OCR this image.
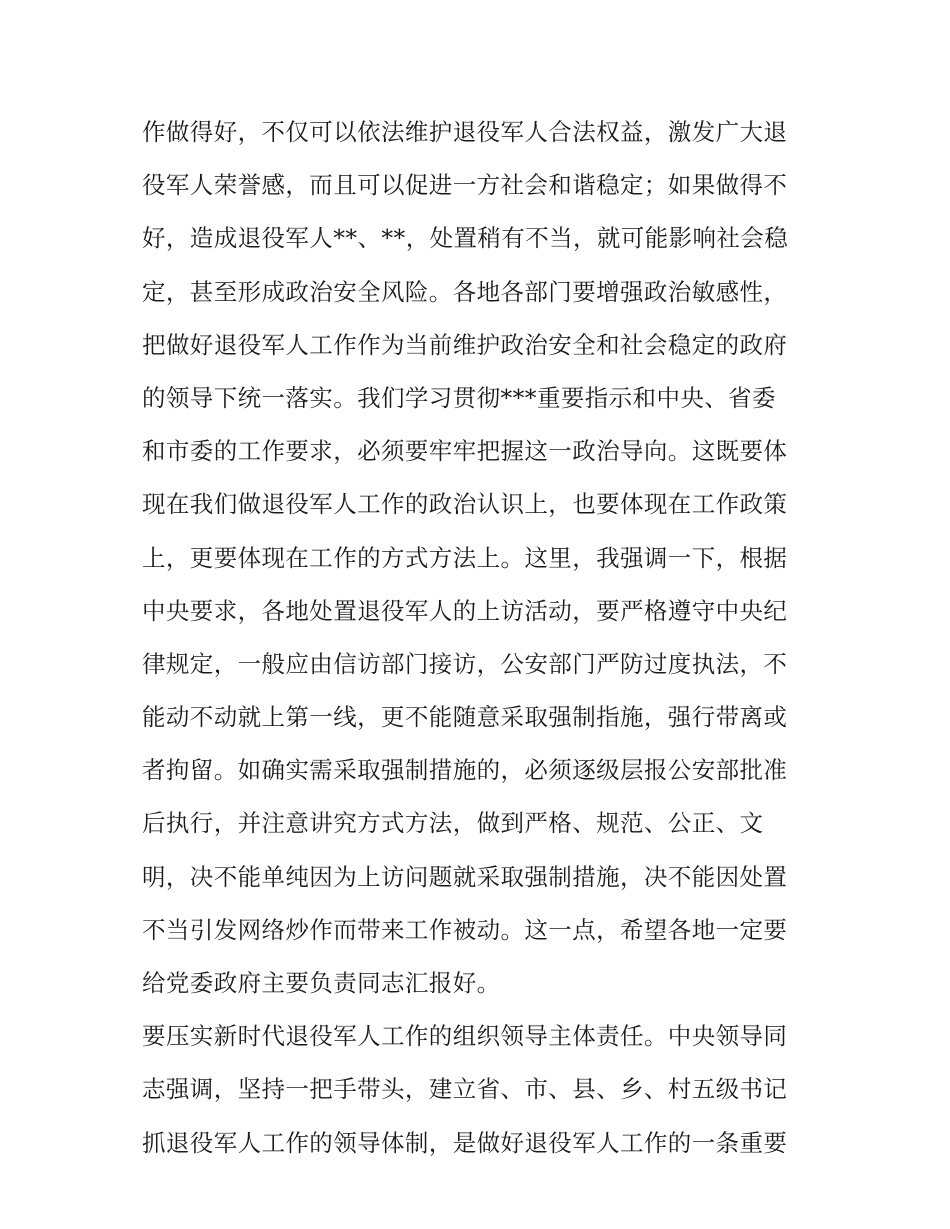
作做得好，不仅可以依法维护退役军人合法权益，激发广大退
役军人荣誉感，而且可以促进一方社会和谐稳定；如果做得不
好，造成退役军人**、**，处置稍有不当，就可能影响社会稳
定，甚至形成政治安全风险。各地各部门要增强政治敏感性，
把做好退役军人工作作为当前维护政治安全和社会稳定的政府
的领导下统一落实。我们学习贯彻***重要指示和中央、省委
和市委的工作要求，必须要牢牢把握这一政治导向。这既要体
现在我们做退役军人工作的政治认识上，也要体现在工作政策
上，更要体现在工作的方式方法上。这里，我强调一下，根据
中央要求，各地处置退役军人的上访活动，要严格遵守中央纪
律规定，一般应由信访部门接访，公安部门严防过度执法，不
能动不动就上第一线，更不能随意采取强制指施，强行带离或
者拘留。如确实需采取强制措施的，必须逐级层报公安部批准
后执行，并注意讲究方式方法，做到严格、规范、公正、文
明，决不能单纯因为上访问题就采取强制措施，决不能因处置
不当引发网络炒作而带来工作被动。这一点，希望各地一定要
给党委政府主要负责同志汇报好。
要压实新时代退役军人工作的组织领导主体责任。中央领导同
志强调，坚持一把手带头，建立省、市、县、乡、村五级书记
抓退役军人工作的领导体制，是做好退役军人工作的一条重要
